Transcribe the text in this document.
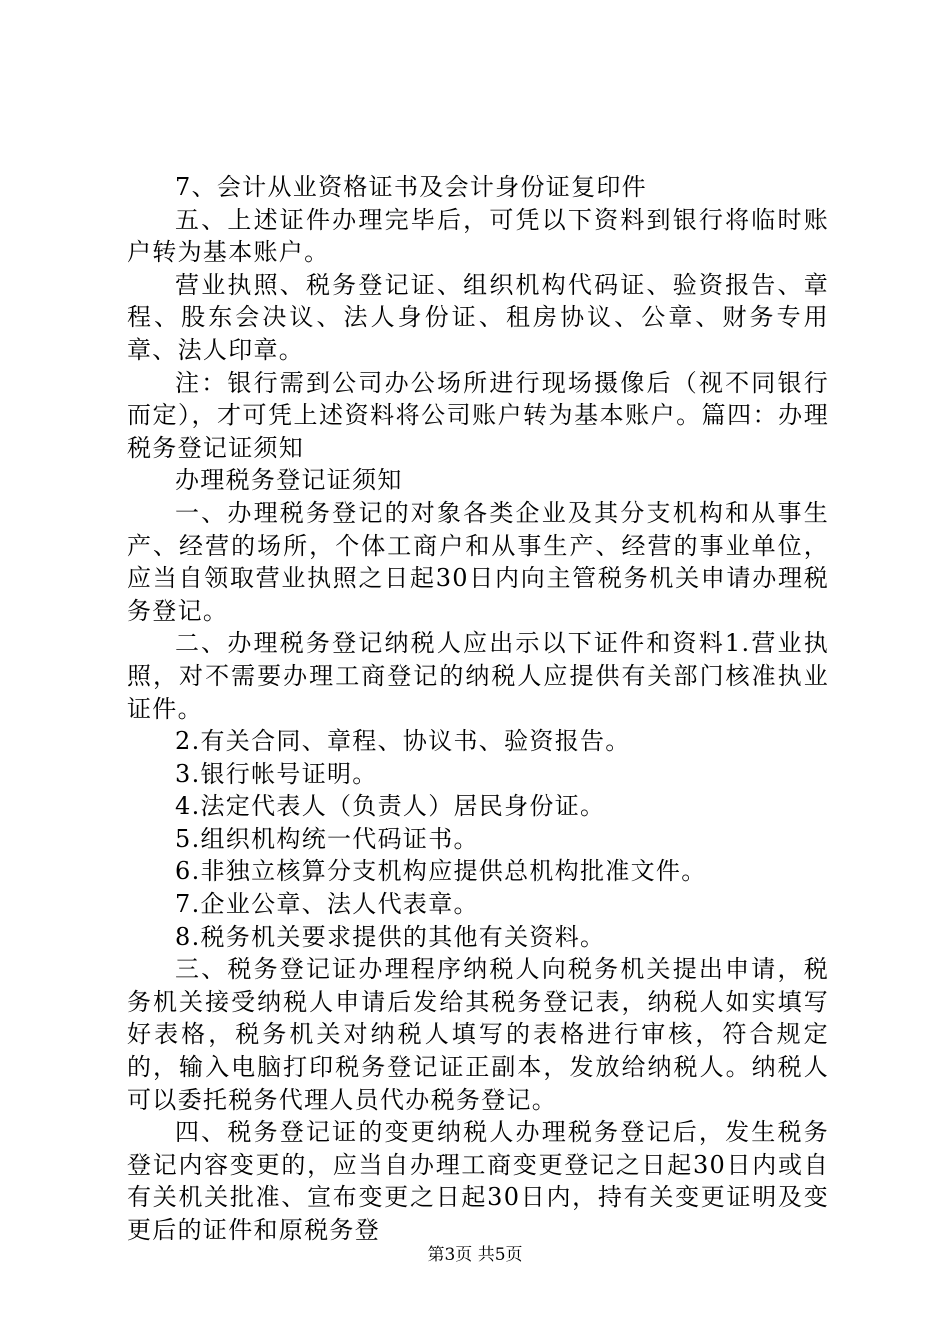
7、会计从业资格证书及会计身份证复印件

五、上述证件办理完毕后，可凭以下资料到银行将临时账户转为基本账户。

营业执照、税务登记证、组织机构代码证、验资报告、章程、股东会决议、法人身份证、租房协议、公章、财务专用章、法人印章。

注：银行需到公司办公场所进行现场摄像后（视不同银行而定），才可凭上述资料将公司账户转为基本账户。篇四：办理税务登记证须知

办理税务登记证须知

一、办理税务登记的对象各类企业及其分支机构和从事生产、经营的场所，个体工商户和从事生产、经营的事业单位，应当自领取营业执照之日起30日内向主管税务机关申请办理税务登记。

二、办理税务登记纳税人应出示以下证件和资料1.营业执照，对不需要办理工商登记的纳税人应提供有关部门核准执业证件。

2.有关合同、章程、协议书、验资报告。

3.银行帐号证明。

4.法定代表人（负责人）居民身份证。

5.组织机构统一代码证书。

6.非独立核算分支机构应提供总机构批准文件。

7.企业公章、法人代表章。

8.税务机关要求提供的其他有关资料。

三、税务登记证办理程序纳税人向税务机关提出申请，税务机关接受纳税人申请后发给其税务登记表，纳税人如实填写好表格，税务机关对纳税人填写的表格进行审核，符合规定的，输入电脑打印税务登记证正副本，发放给纳税人。纳税人可以委托税务代理人员代办税务登记。

四、税务登记证的变更纳税人办理税务登记后，发生税务登记内容变更的，应当自办理工商变更登记之日起30日内或自有关机关批准、宣布变更之日起30日内，持有关变更证明及变更后的证件和原税务登

第3页 共5页
